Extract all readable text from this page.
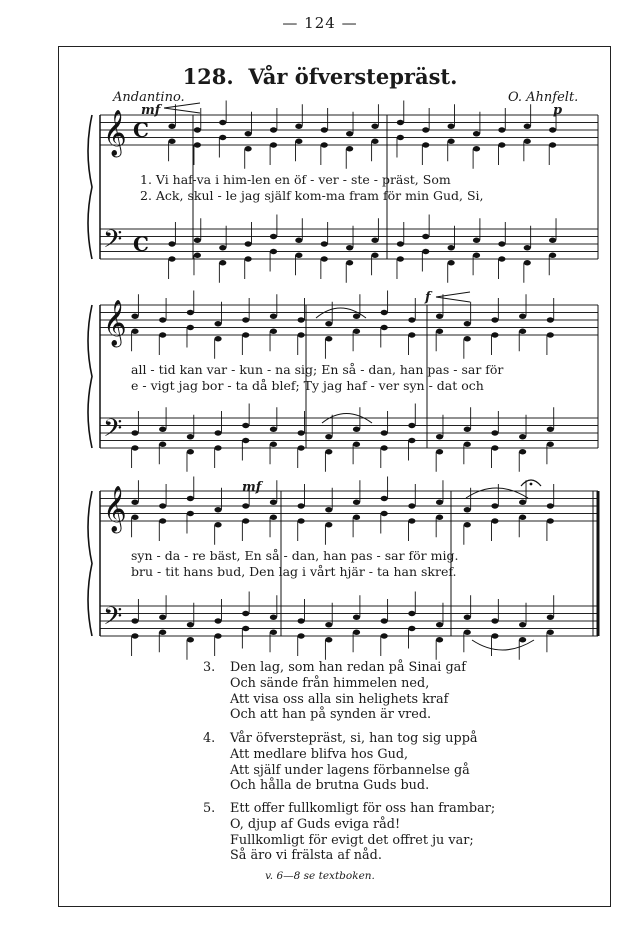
— 124 —
128. Vår öfverstepräst.
Andantino.	O. Ahnfelt.
𝄞 C
𝄢 C
𝄞
𝄢
𝄞
𝄢
mf	p
f
mf
1. Vi haf-va i him-len en öf - ver - ste - präst, Som
2. Ack, skul - le jag själf kom-ma fram för min Gud, Si,
all - tid kan var - kun - na sig; En så - dan, han pas - sar för
e - vigt jag bor - ta då blef; Ty jag haf - ver syn - dat och
syn - da - re bäst, En så - dan, han pas - sar för mig.
bru - tit hans bud, Den lag i vårt hjär - ta han skref.
3. Den lag, som han redan på Sinai gaf
Och sände från himmelen ned,
Att visa oss alla sin helighets kraf
Och att han på synden är vred.
4. Vår öfverstepräst, si, han tog sig uppå
Att medlare blifva hos Gud,
Att själf under lagens förbannelse gå
Och hålla de brutna Guds bud.
5. Ett offer fullkomligt för oss han frambar;
O, djup af Guds eviga råd!
Fullkomligt för evigt det offret ju var;
Så äro vi frälsta af nåd.
v. 6—8 se textboken.
